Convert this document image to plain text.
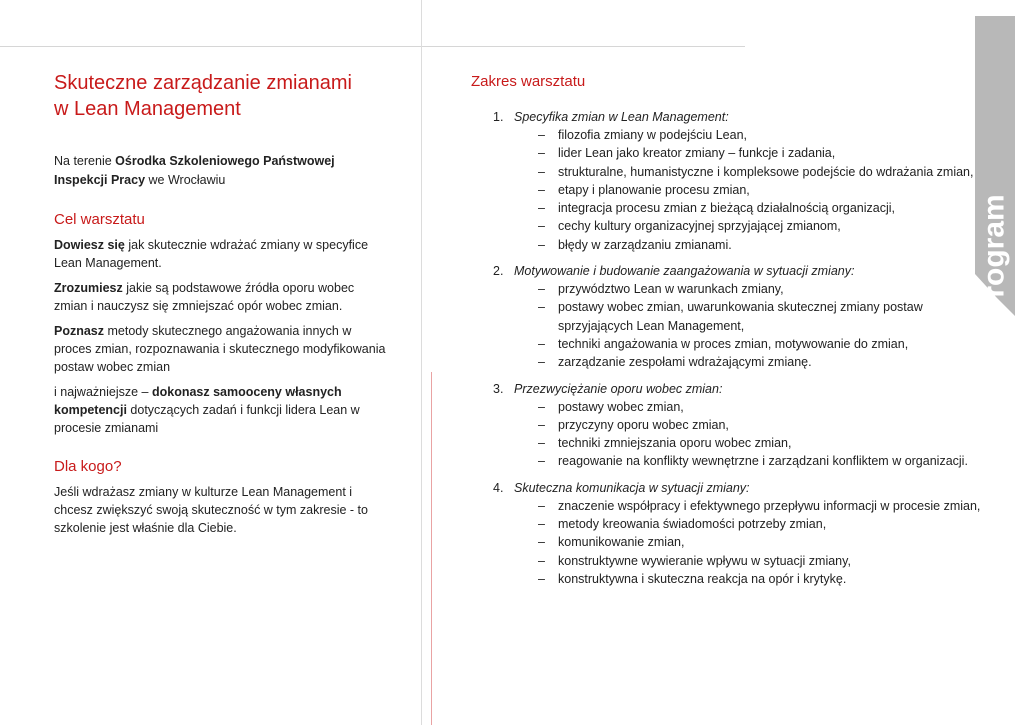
Skuteczne zarządzanie zmianami
w Lean Management

Na terenie Ośrodka Szkoleniowego Państwowej Inspekcji Pracy we Wrocławiu

Cel warsztatu

Dowiesz się jak skutecznie wdrażać zmiany w specyfice Lean Management.

Zrozumiesz jakie są podstawowe źródła oporu wobec zmian i nauczysz się zmniejszać opór wobec zmian.

Poznasz metody skutecznego angażowania innych w proces zmian, rozpoznawania i skutecznego modyfikowania postaw wobec zmian

i najważniejsze – dokonasz samooceny własnych kompetencji dotyczących zadań i funkcji lidera Lean w procesie zmianami

Dla kogo?

Jeśli wdrażasz zmiany w kulturze Lean Management i chcesz zwiększyć swoją skuteczność w tym zakresie - to szkolenie jest właśnie dla Ciebie.

Zakres warsztatu
1. Specyfika zmian w Lean Management:
– filozofia zmiany w podejściu Lean,
– lider Lean jako kreator zmiany – funkcje i zadania,
– strukturalne, humanistyczne i kompleksowe podejście do wdrażania zmian,
– etapy i planowanie procesu zmian,
– integracja procesu zmian z bieżącą działalnością organizacji,
– cechy kultury organizacyjnej sprzyjającej zmianom,
– błędy w zarządzaniu zmianami.
2. Motywowanie i budowanie zaangażowania w sytuacji zmiany:
– przywództwo Lean w warunkach zmiany,
– postawy wobec zmian, uwarunkowania skutecznej zmiany postaw sprzyjających Lean Management,
– techniki angażowania w proces zmian, motywowanie do zmian,
– zarządzanie zespołami wdrażającymi zmianę.
3. Przezwyciężanie oporu wobec zmian:
– postawy wobec zmian,
– przyczyny oporu wobec zmian,
– techniki zmniejszania oporu wobec zmian,
– reagowanie na konflikty wewnętrzne i zarządzani konfliktem w organizacji.
4. Skuteczna komunikacja w sytuacji zmiany:
– znaczenie współpracy i efektywnego przepływu informacji w procesie zmian,
– metody kreowania świadomości potrzeby zmian,
– komunikowanie zmian,
– konstruktywne wywieranie wpływu w sytuacji zmiany,
– konstruktywna i skuteczna reakcja na opór i krytykę.
Program
